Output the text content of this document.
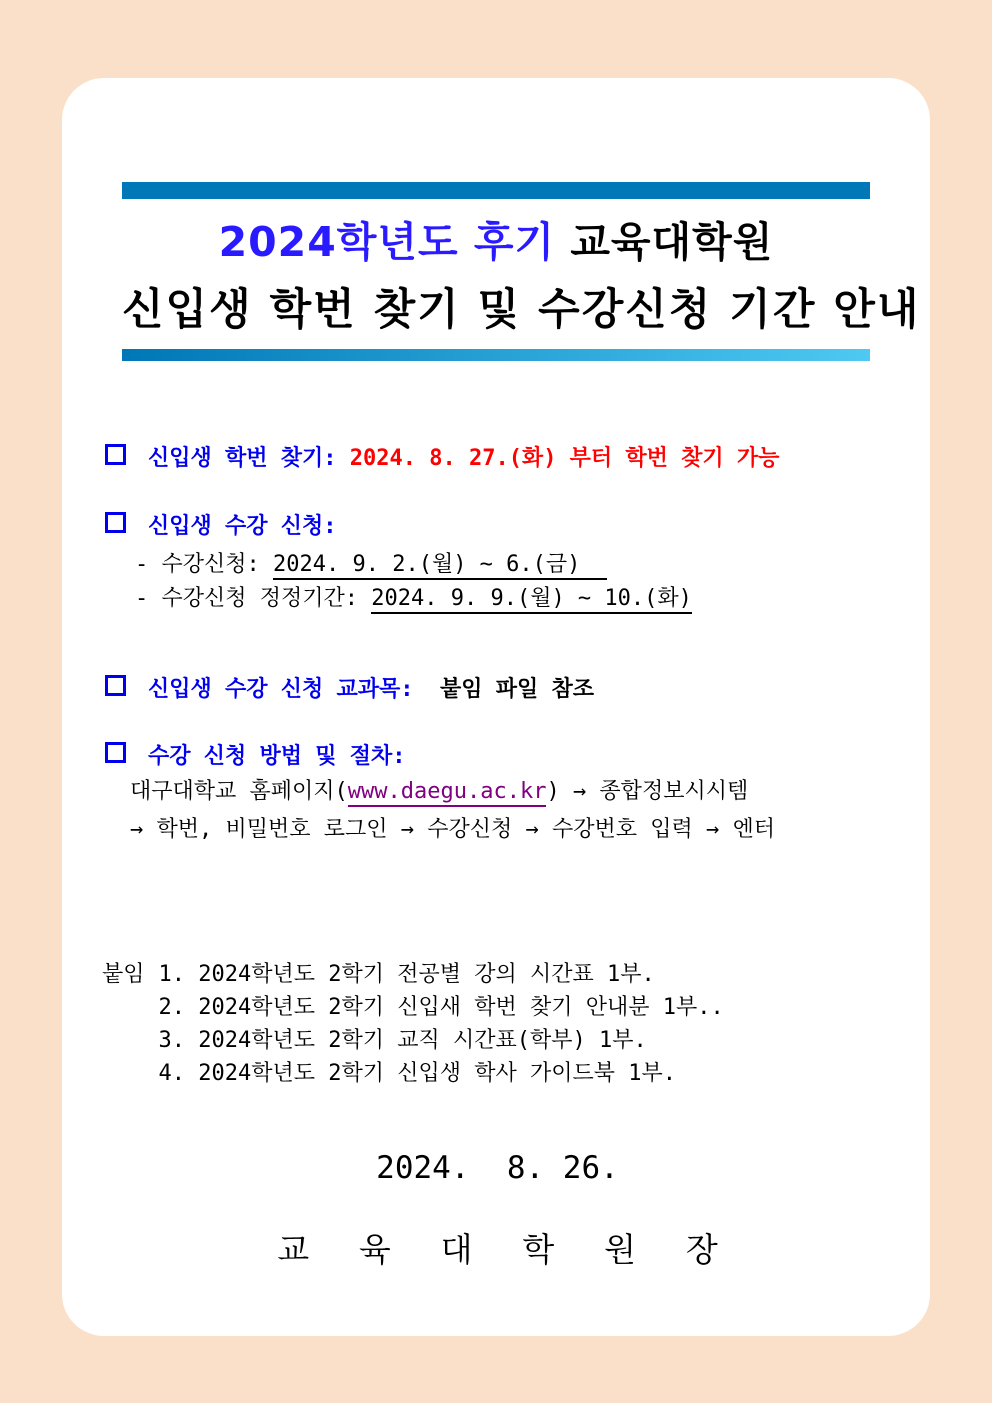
2024학년도 후기 교육대학원
신입생 학번 찾기 및 수강신청 기간 안내
신입생 학번 찾기: 2024. 8. 27.(화) 부터 학번 찾기 가능
신입생 수강 신청:
- 수강신청: 2024. 9. 2.(월) ~ 6.(금)
- 수강신청 정정기간: 2024. 9. 9.(월) ~ 10.(화)
신입생 수강 신청 교과목:  붙임 파일 참조
수강 신청 방법 및 절차:
대구대학교 홈페이지(www.daegu.ac.kr) → 종합정보시시템
→ 학번, 비밀번호 로그인 → 수강신청 → 수강번호 입력 → 엔터
붙임 1. 2024학년도 2학기 전공별 강의 시간표 1부.
2. 2024학년도 2학기 신입새 학번 찾기 안내분 1부..
3. 2024학년도 2학기 교직 시간표(학부) 1부.
4. 2024학년도 2학기 신입생 학사 가이드북 1부.
2024.  8. 26.
교 육 대 학 원 장
